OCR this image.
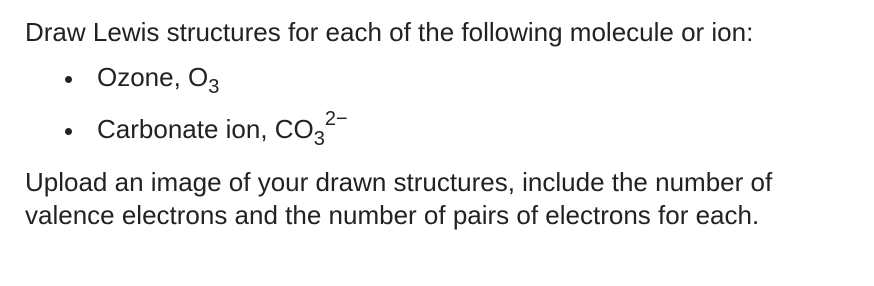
Draw Lewis structures for each of the following molecule or ion:

Ozone, $O_3$
Carbonate ion, $CO_3^{2-}$

Upload an image of your drawn structures, include the number of
valence electrons and the number of pairs of electrons for each.
